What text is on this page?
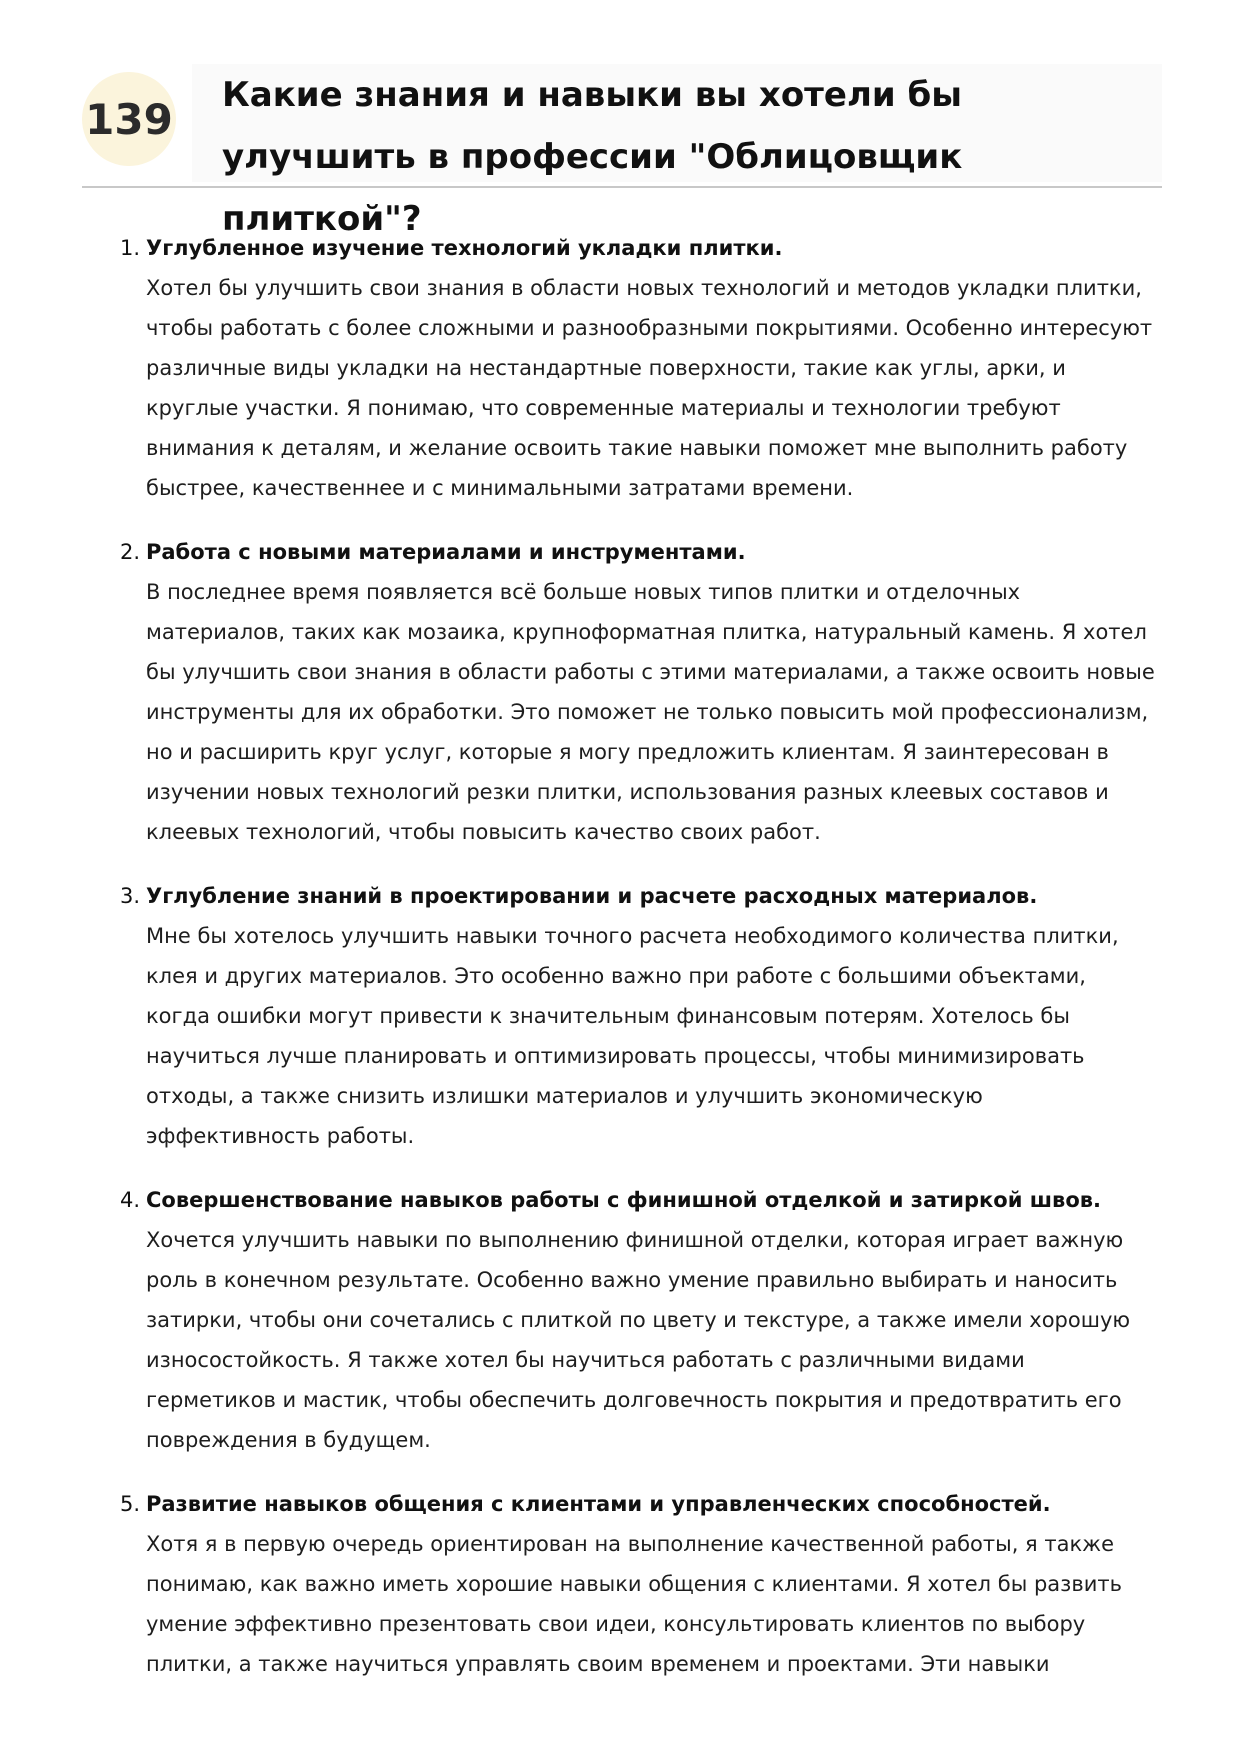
139 Какие знания и навыки вы хотели бы улучшить в профессии "Облицовщик плиткой"?
1. Углубленное изучение технологий укладки плитки.
Хотел бы улучшить свои знания в области новых технологий и методов укладки плитки, чтобы работать с более сложными и разнообразными покрытиями. Особенно интересуют различные виды укладки на нестандартные поверхности, такие как углы, арки, и круглые участки. Я понимаю, что современные материалы и технологии требуют внимания к деталям, и желание освоить такие навыки поможет мне выполнить работу быстрее, качественнее и с минимальными затратами времени.
2. Работа с новыми материалами и инструментами.
В последнее время появляется всё больше новых типов плитки и отделочных материалов, таких как мозаика, крупноформатная плитка, натуральный камень. Я хотел бы улучшить свои знания в области работы с этими материалами, а также освоить новые инструменты для их обработки. Это поможет не только повысить мой профессионализм, но и расширить круг услуг, которые я могу предложить клиентам. Я заинтересован в изучении новых технологий резки плитки, использования разных клеевых составов и клеевых технологий, чтобы повысить качество своих работ.
3. Углубление знаний в проектировании и расчете расходных материалов.
Мне бы хотелось улучшить навыки точного расчета необходимого количества плитки, клея и других материалов. Это особенно важно при работе с большими объектами, когда ошибки могут привести к значительным финансовым потерям. Хотелось бы научиться лучше планировать и оптимизировать процессы, чтобы минимизировать отходы, а также снизить излишки материалов и улучшить экономическую эффективность работы.
4. Совершенствование навыков работы с финишной отделкой и затиркой швов.
Хочется улучшить навыки по выполнению финишной отделки, которая играет важную роль в конечном результате. Особенно важно умение правильно выбирать и наносить затирки, чтобы они сочетались с плиткой по цвету и текстуре, а также имели хорошую износостойкость. Я также хотел бы научиться работать с различными видами герметиков и мастик, чтобы обеспечить долговечность покрытия и предотвратить его повреждения в будущем.
5. Развитие навыков общения с клиентами и управленческих способностей.
Хотя я в первую очередь ориентирован на выполнение качественной работы, я также понимаю, как важно иметь хорошие навыки общения с клиентами. Я хотел бы развить умение эффективно презентовать свои идеи, консультировать клиентов по выбору плитки, а также научиться управлять своим временем и проектами. Эти навыки
